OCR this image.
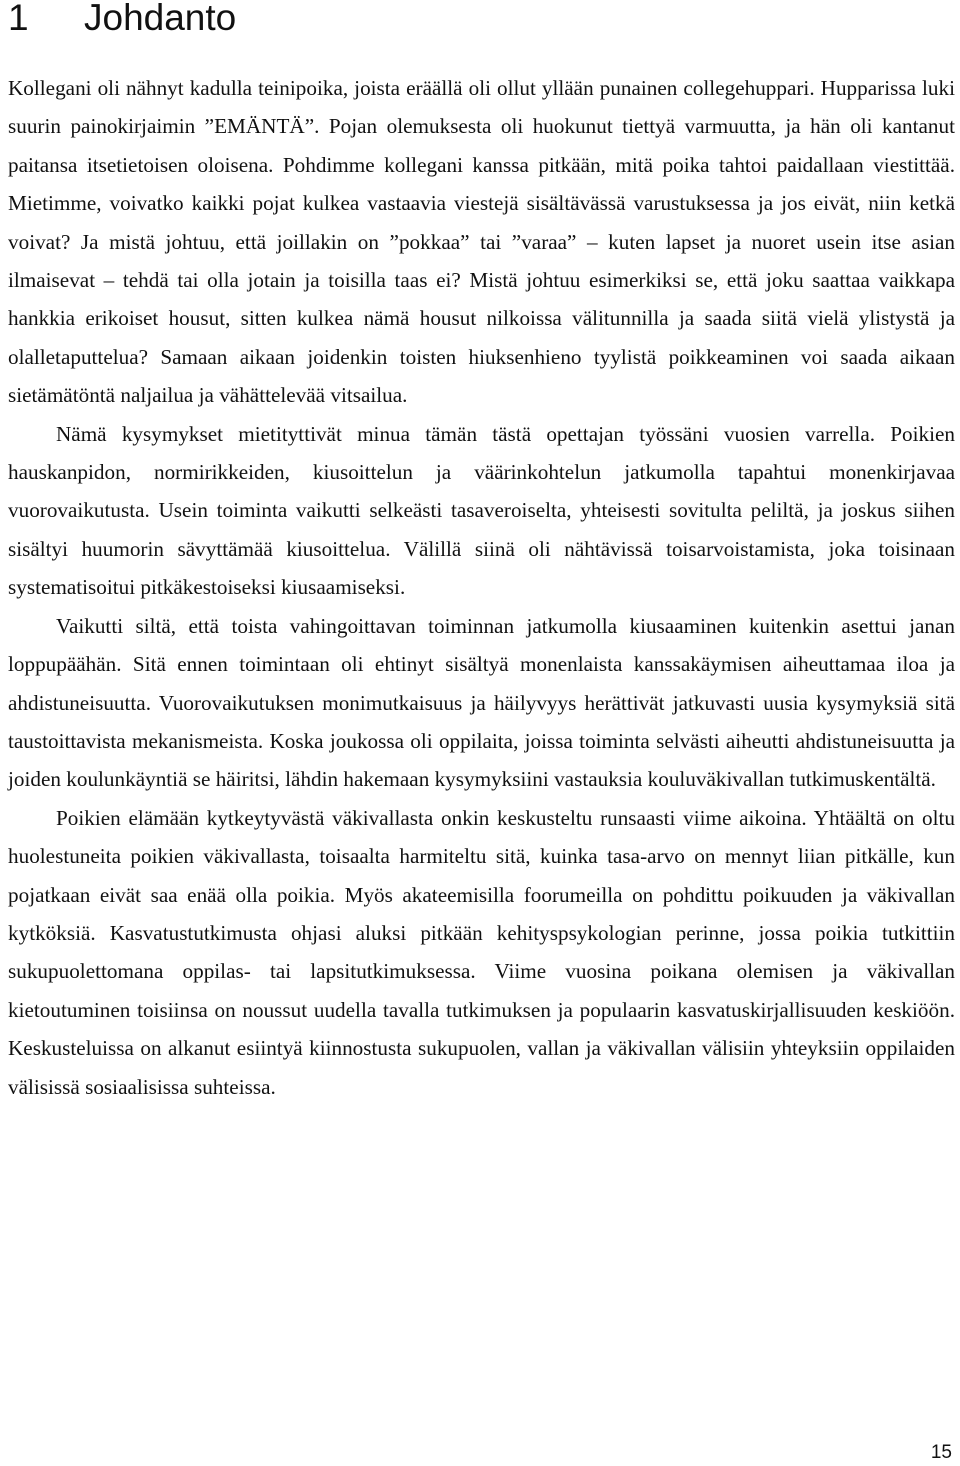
1 Johdanto

Kollegani oli nähnyt kadulla teinipoika, joista eräällä oli ollut yllään punainen collegehuppari. Hupparissa luki suurin painokirjaimin ”EMÄNTÄ”. Pojan olemuksesta oli huokunut tiettyä varmuutta, ja hän oli kantanut paitansa itsetietoisen oloisena. Pohdimme kollegani kanssa pitkään, mitä poika tahtoi paidallaan viestittää. Mietimme, voivatko kaikki pojat kulkea vastaavia viestejä sisältävässä varustuksessa ja jos eivät, niin ketkä voivat? Ja mistä johtuu, että joillakin on ”pokkaa” tai ”varaa” – kuten lapset ja nuoret usein itse asian ilmaisevat – tehdä tai olla jotain ja toisilla taas ei? Mistä johtuu esimerkiksi se, että joku saattaa vaikkapa hankkia erikoiset housut, sitten kulkea nämä housut nilkoissa välitunnilla ja saada siitä vielä ylistystä ja olalletaputtelua? Samaan aikaan joidenkin toisten hiuksenhieno tyylistä poikkeaminen voi saada aikaan sietämätöntä naljailua ja vähättelevää vitsailua.

Nämä kysymykset mietityttivät minua tämän tästä opettajan työssäni vuosien varrella. Poikien hauskanpidon, normirikkeiden, kiusoittelun ja väärinkohtelun jatkumolla tapahtui monenkirjavaa vuorovaikutusta. Usein toiminta vaikutti selkeästi tasaveroiselta, yhteisesti sovitulta peliltä, ja joskus siihen sisältyi huumorin sävyttämää kiusoittelua. Välillä siinä oli nähtävissä toisarvoistamista, joka toisinaan systematisoitui pitkäkestoiseksi kiusaamiseksi.

Vaikutti siltä, että toista vahingoittavan toiminnan jatkumolla kiusaaminen kuitenkin asettui janan loppupäähän. Sitä ennen toimintaan oli ehtinyt sisältyä monenlaista kanssakäymisen aiheuttamaa iloa ja ahdistuneisuutta. Vuorovaikutuksen monimutkaisuus ja häilyvyys herättivät jatkuvasti uusia kysymyksiä sitä taustoittavista mekanismeista. Koska joukossa oli oppilaita, joissa toiminta selvästi aiheutti ahdistuneisuutta ja joiden koulunkäyntiä se häiritsi, lähdin hakemaan kysymyksiini vastauksia kouluväkivallan tutkimuskentältä.

Poikien elämään kytkeytyvästä väkivallasta onkin keskusteltu runsaasti viime aikoina. Yhtäältä on oltu huolestuneita poikien väkivallasta, toisaalta harmiteltu sitä, kuinka tasa-arvo on mennyt liian pitkälle, kun pojatkaan eivät saa enää olla poikia. Myös akateemisilla foorumeilla on pohdittu poikuuden ja väkivallan kytköksiä. Kasvatustutkimusta ohjasi aluksi pitkään kehityspsykologian perinne, jossa poikia tutkittiin sukupuolettomana oppilas- tai lapsitutkimuksessa. Viime vuosina poikana olemisen ja väkivallan kietoutuminen toisiinsa on noussut uudella tavalla tutkimuksen ja populaarin kasvatuskirjallisuuden keskiöön. Keskusteluissa on alkanut esiintyä kiinnostusta sukupuolen, vallan ja väkivallan välisiin yhteyksiin oppilaiden välisissä sosiaalisissa suhteissa.

15
